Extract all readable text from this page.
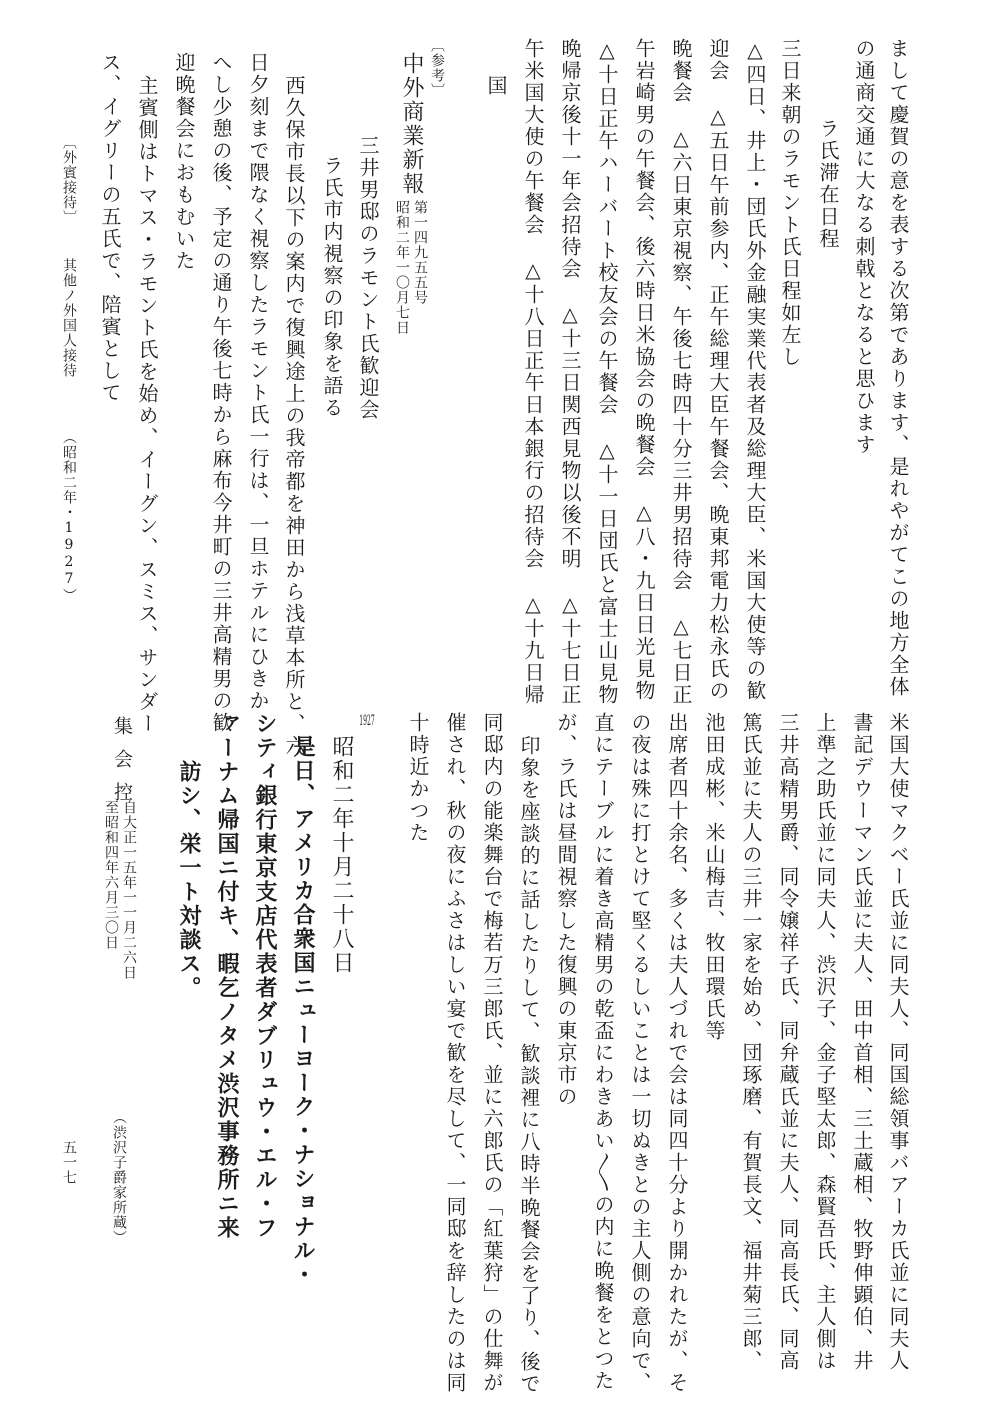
まして慶賀の意を表する次第であります、是れやがてこの地方全体
の通商交通に大なる刺戟となると思ひます
ラ氏滞在日程
三日来朝のラモント氏日程如左し
△四日、井上・団氏外金融実業代表者及総理大臣、米国大使等の歓
迎会　△五日午前参内、正午総理大臣午餐会、晩東邦電力松永氏の
晩餐会　△六日東京視察、午後七時四十分三井男招待会　△七日正
午岩崎男の午餐会、後六時日米協会の晩餐会　△八・九日日光見物
△十日正午ハーバート校友会の午餐会　△十一日団氏と富士山見物
晩帰京後十一年会招待会　△十三日関西見物以後不明　△十七日正
午米国大使の午餐会　△十八日正午日本銀行の招待会　△十九日帰
国
〔参考〕
中外商業新報
第一四九五五号
昭和二年一〇月七日
三井男邸のラモント氏歓迎会
ラ氏市内視察の印象を語る
西久保市長以下の案内で復興途上の我帝都を神田から浅草本所と、六
日夕刻まで隈なく視察したラモント氏一行は、一旦ホテルにひきか
へし少憩の後、予定の通り午後七時から麻布今井町の三井高精男の歓
迎晩餐会におもむいた
主賓側はトマス・ラモント氏を始め、イーグン、スミス、サンダー
ス、イグリーの五氏で、陪賓として
〔外賓接待〕
其他ノ外国人接待
（昭和二年・1927）
米国大使マクベー氏並に同夫人、同国総領事バアーカ氏並に同夫人
書記デウーマン氏並に夫人、田中首相、三土蔵相、牧野伸顕伯、井
上準之助氏並に同夫人、渋沢子、金子堅太郎、森賢吾氏、主人側は
三井高精男爵、同令嬢祥子氏、同弁蔵氏並に夫人、同高長氏、同高
篤氏並に夫人の三井一家を始め、団琢磨、有賀長文、福井菊三郎、
池田成彬、米山梅吉、牧田環氏等
出席者四十余名、多くは夫人づれで会は同四十分より開かれたが、そ
の夜は殊に打とけて堅くるしいことは一切ぬきとの主人側の意向で、
直にテーブルに着き高精男の乾盃にわきあい〳〵の内に晩餐をとつた
が、ラ氏は昼間視察した復興の東京市の
印象を座談的に話したりして、歓談裡に八時半晩餐会を了り、後で
同邸内の能楽舞台で梅若万三郎氏、並に六郎氏の「紅葉狩」の仕舞が
催され、秋の夜にふさはしい宴で歓を尽して、一同邸を辞したのは同
十時近かつた
1927
昭和二年十月二十八日
是日、アメリカ合衆国ニューヨーク・ナショナル・
シティ銀行東京支店代表者ダブリュウ・エル・フ
ァーナム帰国ニ付キ、暇乞ノタメ渋沢事務所ニ来
訪シ、栄一ト対談ス。
集会控
自大正一五年一一月二六日
至昭和四年六月三〇日
（渋沢子爵家所蔵）
五一七
